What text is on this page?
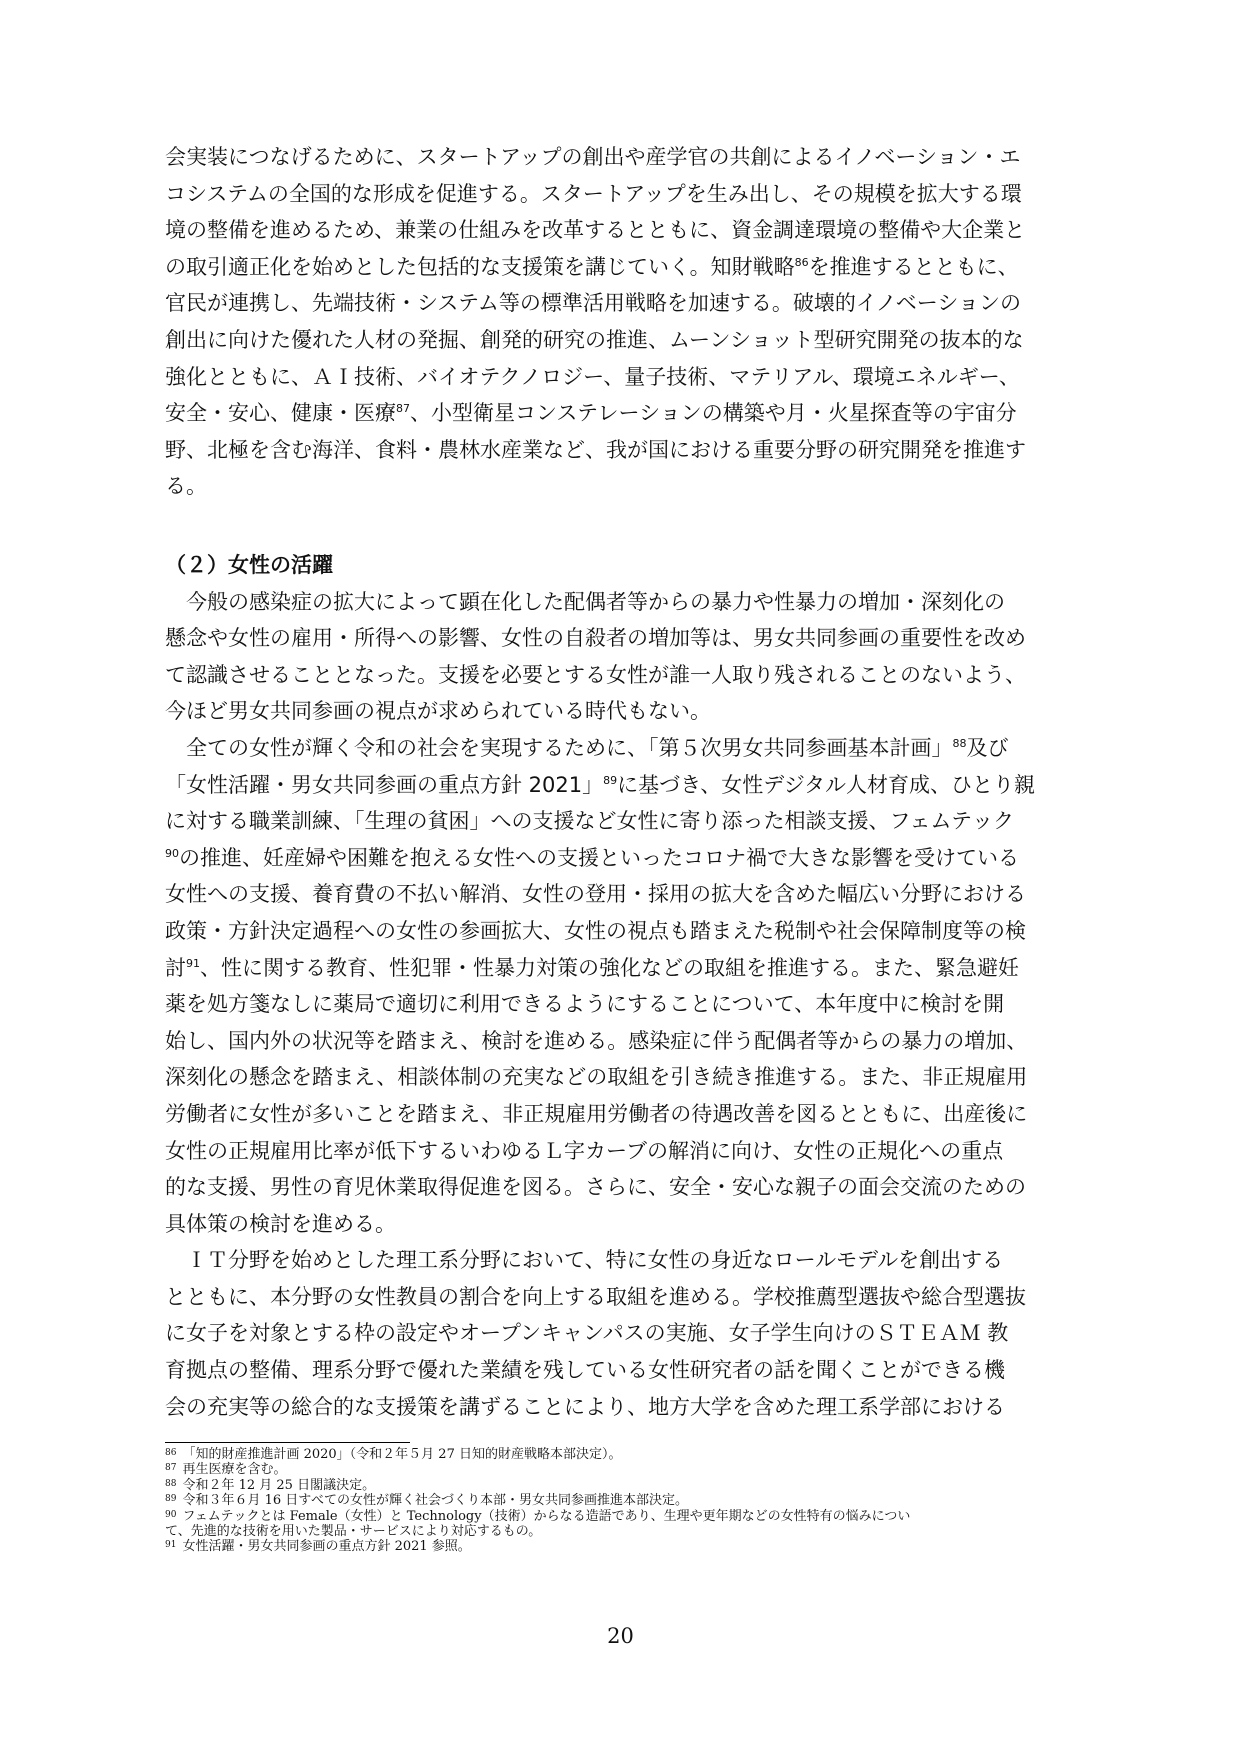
会実装につなげるために、スタートアップの創出や産学官の共創によるイノベーション・エ
コシステムの全国的な形成を促進する。スタートアップを生み出し、その規模を拡大する環
境の整備を進めるため、兼業の仕組みを改革するとともに、資金調達環境の整備や大企業と
の取引適正化を始めとした包括的な支援策を講じていく。知財戦略$^{86}$を推進するとともに、
官民が連携し、先端技術・システム等の標準活用戦略を加速する。破壊的イノベーションの
創出に向けた優れた人材の発掘、創発的研究の推進、ムーンショット型研究開発の抜本的な
強化とともに、ＡＩ技術、バイオテクノロジー、量子技術、マテリアル、環境エネルギー、
安全・安心、健康・医療$^{87}$、小型衛星コンステレーションの構築や月・火星探査等の宇宙分
野、北極を含む海洋、食料・農林水産業など、我が国における重要分野の研究開発を推進す
る。
（２）女性の活躍
　今般の感染症の拡大によって顕在化した配偶者等からの暴力や性暴力の増加・深刻化の
懸念や女性の雇用・所得への影響、女性の自殺者の増加等は、男女共同参画の重要性を改め
て認識させることとなった。支援を必要とする女性が誰一人取り残されることのないよう、
今ほど男女共同参画の視点が求められている時代もない。
　全ての女性が輝く令和の社会を実現するために、「第５次男女共同参画基本計画」$^{88}$及び
「女性活躍・男女共同参画の重点方針 2021」$^{89}$に基づき、女性デジタル人材育成、ひとり親
に対する職業訓練、「生理の貧困」への支援など女性に寄り添った相談支援、フェムテック
$^{90}$の推進、妊産婦や困難を抱える女性への支援といったコロナ禍で大きな影響を受けている
女性への支援、養育費の不払い解消、女性の登用・採用の拡大を含めた幅広い分野における
政策・方針決定過程への女性の参画拡大、女性の視点も踏まえた税制や社会保障制度等の検
討$^{91}$、性に関する教育、性犯罪・性暴力対策の強化などの取組を推進する。また、緊急避妊
薬を処方箋なしに薬局で適切に利用できるようにすることについて、本年度中に検討を開
始し、国内外の状況等を踏まえ、検討を進める。感染症に伴う配偶者等からの暴力の増加、
深刻化の懸念を踏まえ、相談体制の充実などの取組を引き続き推進する。また、非正規雇用
労働者に女性が多いことを踏まえ、非正規雇用労働者の待遇改善を図るとともに、出産後に
女性の正規雇用比率が低下するいわゆるＬ字カーブの解消に向け、女性の正規化への重点
的な支援、男性の育児休業取得促進を図る。さらに、安全・安心な親子の面会交流のための
具体策の検討を進める。
　ＩＴ分野を始めとした理工系分野において、特に女性の身近なロールモデルを創出する
とともに、本分野の女性教員の割合を向上する取組を進める。学校推薦型選抜や総合型選抜
に女子を対象とする枠の設定やオープンキャンパスの実施、女子学生向けのＳＴＥＡＭ 教
育拠点の整備、理系分野で優れた業績を残している女性研究者の話を聞くことができる機
会の充実等の総合的な支援策を講ずることにより、地方大学を含めた理工系学部における
$^{86}$ 「知的財産推進計画 2020」（令和２年５月 27 日知的財産戦略本部決定）。
$^{87}$ 再生医療を含む。
$^{88}$ 令和２年 12 月 25 日閣議決定。
$^{89}$ 令和３年６月 16 日すべての女性が輝く社会づくり本部・男女共同参画推進本部決定。
$^{90}$ フェムテックとは Female（女性）と Technology（技術）からなる造語であり、生理や更年期などの女性特有の悩みについ
て、先進的な技術を用いた製品・サービスにより対応するもの。
$^{91}$ 女性活躍・男女共同参画の重点方針 2021 参照。
20
